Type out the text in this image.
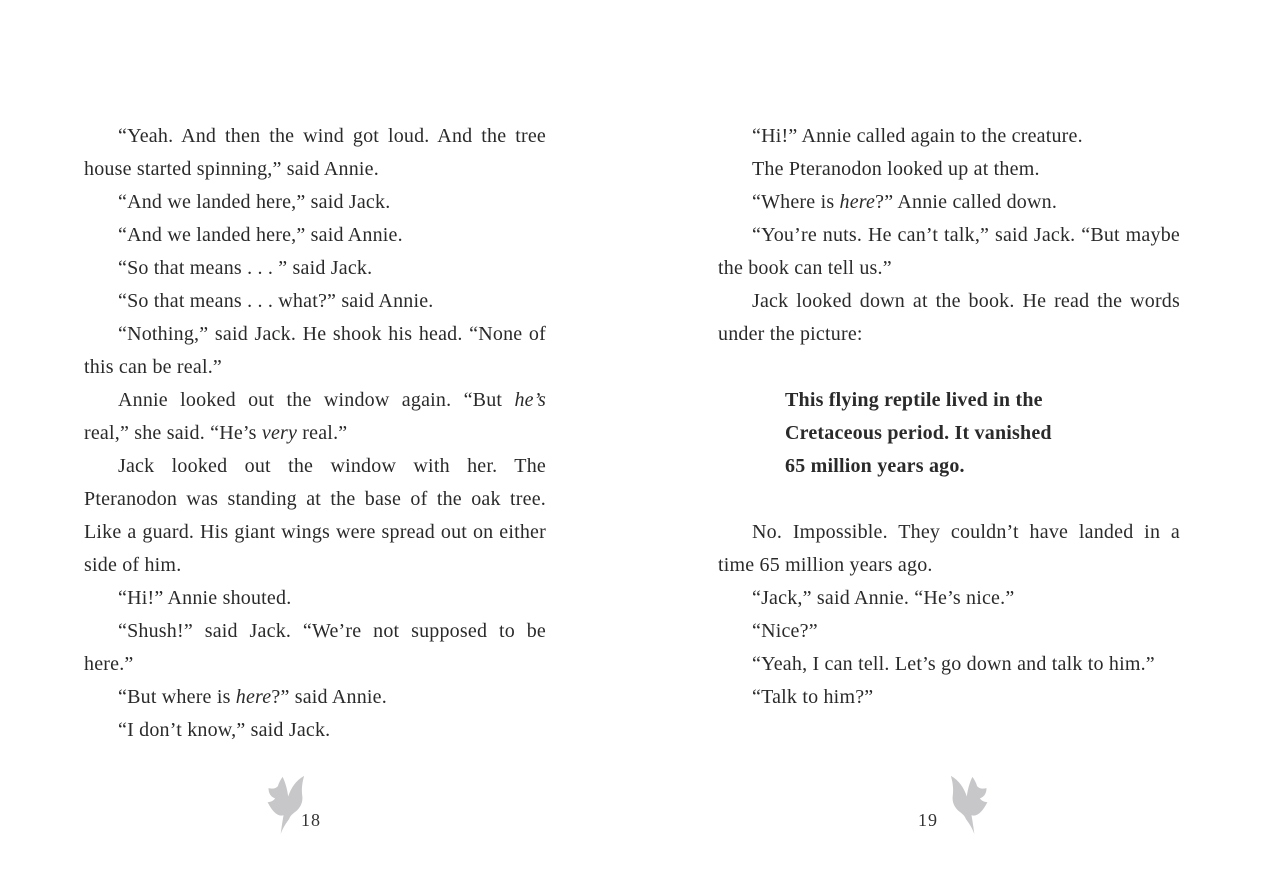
“Yeah. And then the wind got loud. And the tree house started spinning,” said Annie.

“And we landed here,” said Jack.

“And we landed here,” said Annie.

“So that means . . . ” said Jack.

“So that means . . . what?” said Annie.

“Nothing,” said Jack. He shook his head. “None of this can be real.”

Annie looked out the window again. “But he’s real,” she said. “He’s very real.”

Jack looked out the window with her. The Pteranodon was standing at the base of the oak tree. Like a guard. His giant wings were spread out on either side of him.

“Hi!” Annie shouted.

“Shush!” said Jack. “We’re not supposed to be here.”

“But where is here?” said Annie.

“I don’t know,” said Jack.

18

“Hi!” Annie called again to the creature.

The Pteranodon looked up at them.

“Where is here?” Annie called down.

“You’re nuts. He can’t talk,” said Jack. “But maybe the book can tell us.”

Jack looked down at the book. He read the words under the picture:

This flying reptile lived in the
Cretaceous period. It vanished
65 million years ago.

No. Impossible. They couldn’t have landed in a time 65 million years ago.

“Jack,” said Annie. “He’s nice.”

“Nice?”

“Yeah, I can tell. Let’s go down and talk to him.”

“Talk to him?”

19
